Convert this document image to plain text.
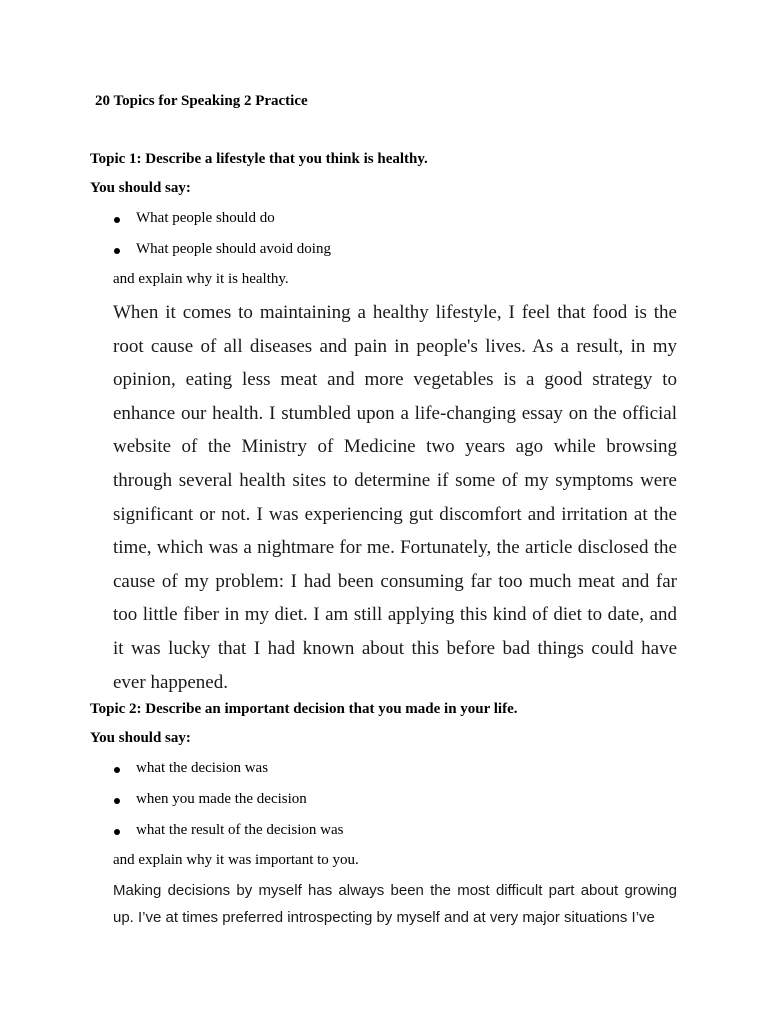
20 Topics for Speaking 2 Practice
Topic 1: Describe a lifestyle that you think is healthy.

You should say:

What people should do
What people should avoid doing

and explain why it is healthy.

When it comes to maintaining a healthy lifestyle, I feel that food is the root cause of all diseases and pain in people's lives. As a result, in my opinion, eating less meat and more vegetables is a good strategy to enhance our health. I stumbled upon a life-changing essay on the official website of the Ministry of Medicine two years ago while browsing through several health sites to determine if some of my symptoms were significant or not. I was experiencing gut discomfort and irritation at the time, which was a nightmare for me. Fortunately, the article disclosed the cause of my problem: I had been consuming far too much meat and far too little fiber in my diet. I am still applying this kind of diet to date, and it was lucky that I had known about this before bad things could have ever happened.

Topic 2: Describe an important decision that you made in your life.

You should say:

what the decision was
when you made the decision
what the result of the decision was

and explain why it was important to you.

Making decisions by myself has always been the most difficult part about growing up. I’ve at times preferred introspecting by myself and at very major situations I’ve
